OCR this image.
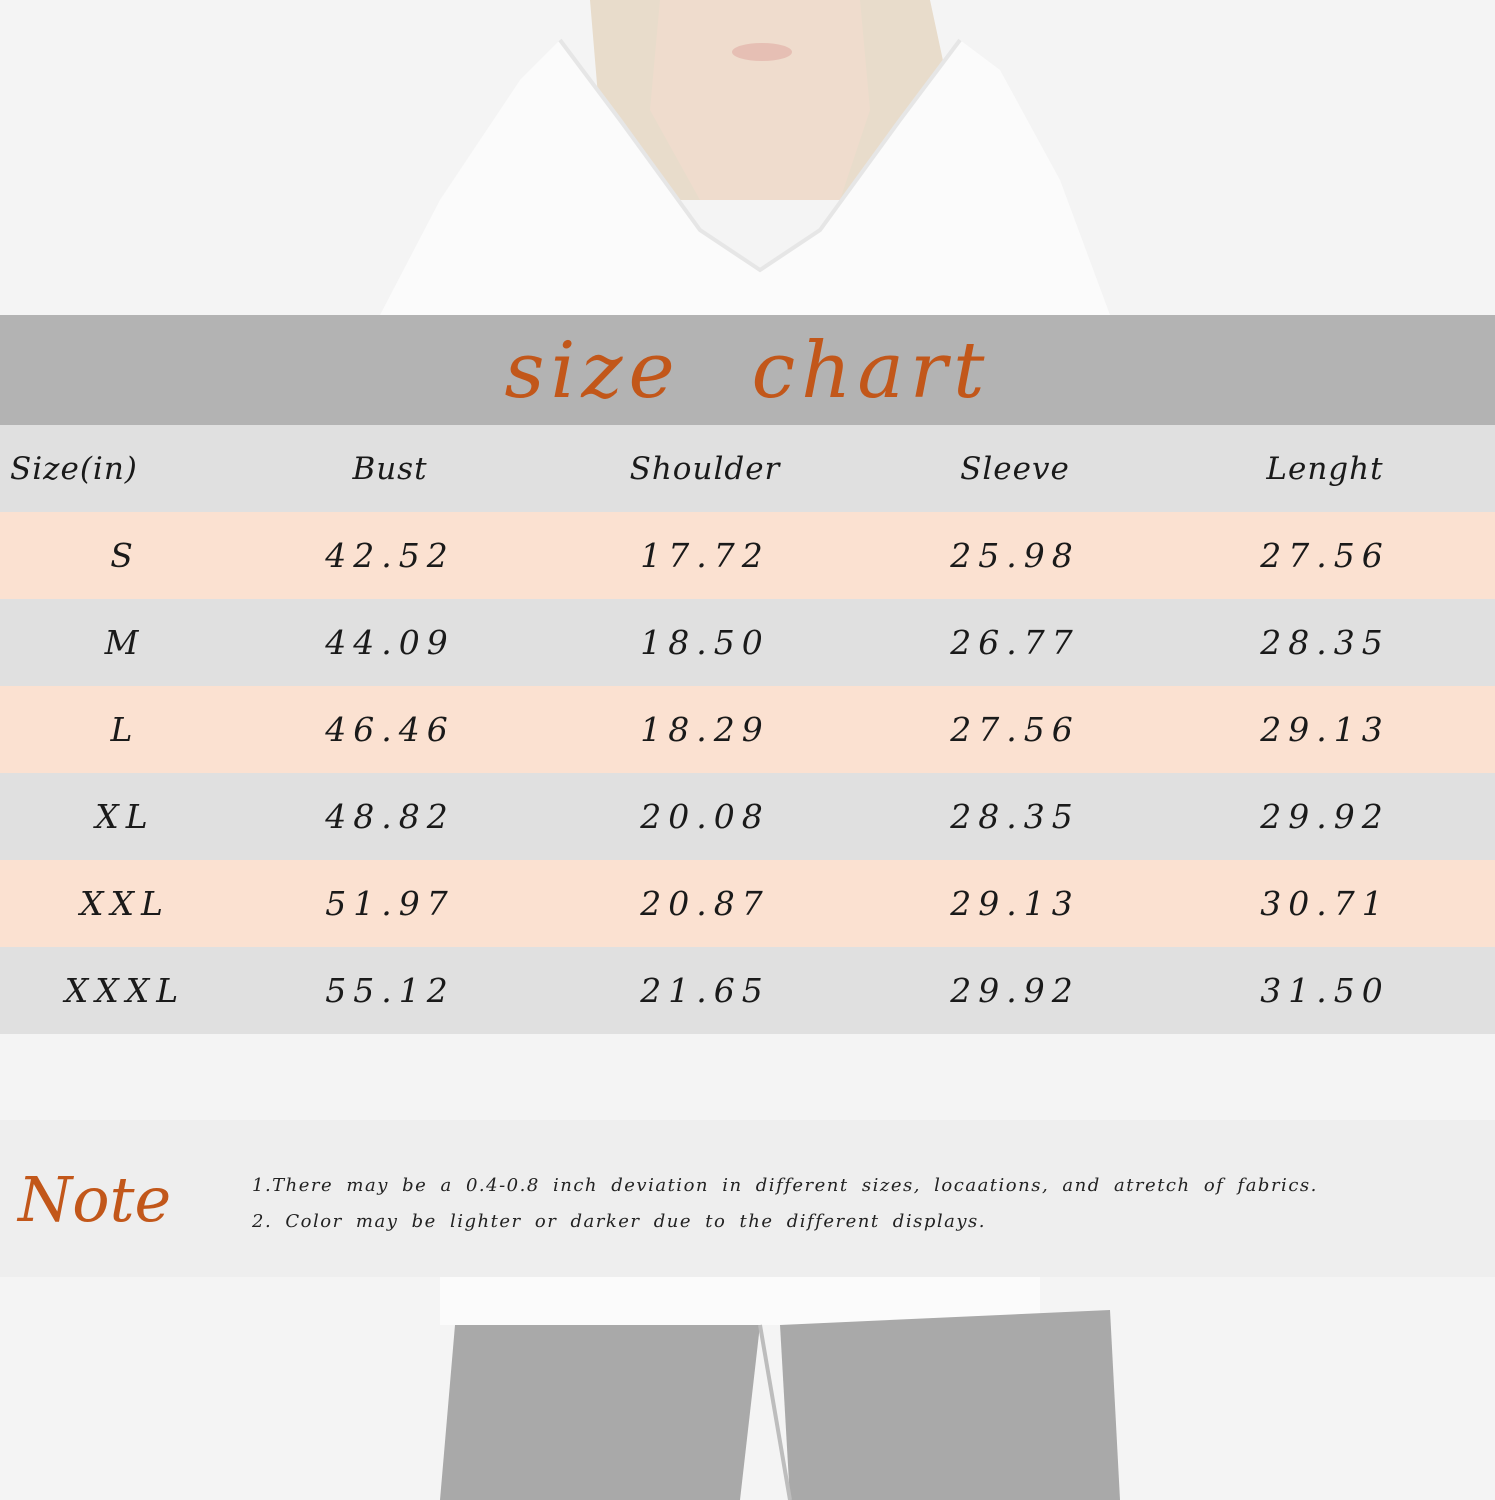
size chart
Size(in)	Bust	Shoulder	Sleeve	Lenght
S	42.52	17.72	25.98	27.56
M	44.09	18.50	26.77	28.35
L	46.46	18.29	27.56	29.13
XL	48.82	20.08	28.35	29.92
XXL	51.97	20.87	29.13	30.71
XXXL	55.12	21.65	29.92	31.50
Note	1.There may be a 0.4-0.8 inch deviation in different sizes, locaations, and atretch of fabrics.
2. Color may be lighter or darker due to the different displays.
